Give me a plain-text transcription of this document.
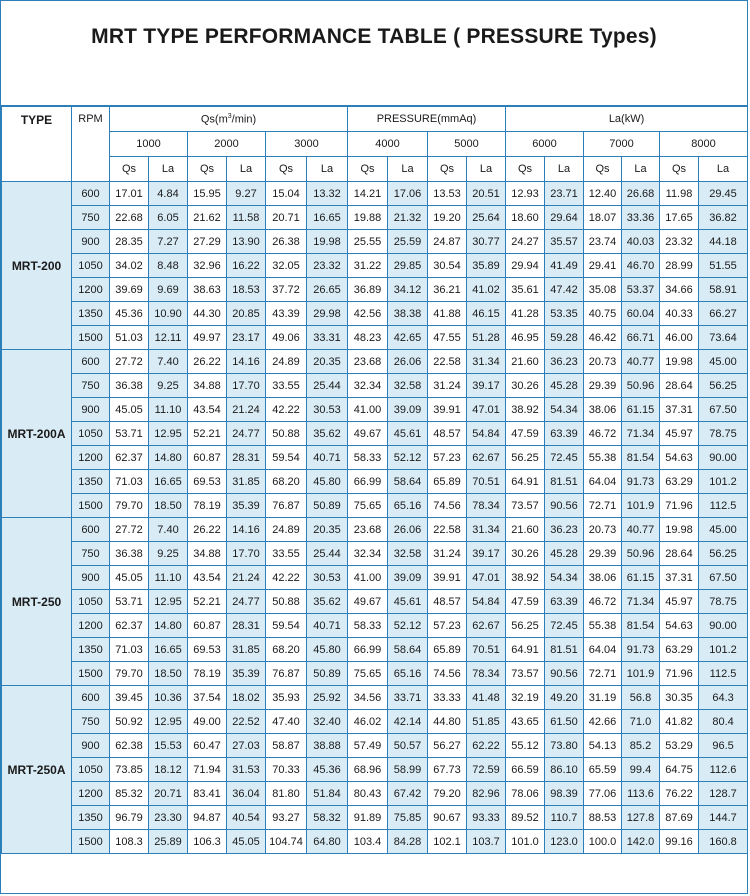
MRT TYPE PERFORMANCE TABLE ( PRESSURE Types)
TYPE	RPM	$Qs(m^3/\min)$						PRESSURE(mmAq)				La(kW)					
		1000		2000		3000		4000		5000		6000		7000		8000	
		Qs	La	Qs	La	Qs	La	Qs	La	Qs	La	Qs	La	Qs	La	Qs	La
MRT-200	600	17.01	4.84	15.95	9.27	15.04	13.32	14.21	17.06	13.53	20.51	12.93	23.71	12.40	26.68	11.98	29.45
	750	22.68	6.05	21.62	11.58	20.71	16.65	19.88	21.32	19.20	25.64	18.60	29.64	18.07	33.36	17.65	36.82
	900	28.35	7.27	27.29	13.90	26.38	19.98	25.55	25.59	24.87	30.77	24.27	35.57	23.74	40.03	23.32	44.18
	1050	34.02	8.48	32.96	16.22	32.05	23.32	31.22	29.85	30.54	35.89	29.94	41.49	29.41	46.70	28.99	51.55
	1200	39.69	9.69	38.63	18.53	37.72	26.65	36.89	34.12	36.21	41.02	35.61	47.42	35.08	53.37	34.66	58.91
	1350	45.36	10.90	44.30	20.85	43.39	29.98	42.56	38.38	41.88	46.15	41.28	53.35	40.75	60.04	40.33	66.27
	1500	51.03	12.11	49.97	23.17	49.06	33.31	48.23	42.65	47.55	51.28	46.95	59.28	46.42	66.71	46.00	73.64
MRT-200A	600	27.72	7.40	26.22	14.16	24.89	20.35	23.68	26.06	22.58	31.34	21.60	36.23	20.73	40.77	19.98	45.00
	750	36.38	9.25	34.88	17.70	33.55	25.44	32.34	32.58	31.24	39.17	30.26	45.28	29.39	50.96	28.64	56.25
	900	45.05	11.10	43.54	21.24	42.22	30.53	41.00	39.09	39.91	47.01	38.92	54.34	38.06	61.15	37.31	67.50
	1050	53.71	12.95	52.21	24.77	50.88	35.62	49.67	45.61	48.57	54.84	47.59	63.39	46.72	71.34	45.97	78.75
	1200	62.37	14.80	60.87	28.31	59.54	40.71	58.33	52.12	57.23	62.67	56.25	72.45	55.38	81.54	54.63	90.00
	1350	71.03	16.65	69.53	31.85	68.20	45.80	66.99	58.64	65.89	70.51	64.91	81.51	64.04	91.73	63.29	101.2
	1500	79.70	18.50	78.19	35.39	76.87	50.89	75.65	65.16	74.56	78.34	73.57	90.56	72.71	101.9	71.96	112.5
MRT-250	600	27.72	7.40	26.22	14.16	24.89	20.35	23.68	26.06	22.58	31.34	21.60	36.23	20.73	40.77	19.98	45.00
	750	36.38	9.25	34.88	17.70	33.55	25.44	32.34	32.58	31.24	39.17	30.26	45.28	29.39	50.96	28.64	56.25
	900	45.05	11.10	43.54	21.24	42.22	30.53	41.00	39.09	39.91	47.01	38.92	54.34	38.06	61.15	37.31	67.50
	1050	53.71	12.95	52.21	24.77	50.88	35.62	49.67	45.61	48.57	54.84	47.59	63.39	46.72	71.34	45.97	78.75
	1200	62.37	14.80	60.87	28.31	59.54	40.71	58.33	52.12	57.23	62.67	56.25	72.45	55.38	81.54	54.63	90.00
	1350	71.03	16.65	69.53	31.85	68.20	45.80	66.99	58.64	65.89	70.51	64.91	81.51	64.04	91.73	63.29	101.2
	1500	79.70	18.50	78.19	35.39	76.87	50.89	75.65	65.16	74.56	78.34	73.57	90.56	72.71	101.9	71.96	112.5
MRT-250A	600	39.45	10.36	37.54	18.02	35.93	25.92	34.56	33.71	33.33	41.48	32.19	49.20	31.19	56.8	30.35	64.3
	750	50.92	12.95	49.00	22.52	47.40	32.40	46.02	42.14	44.80	51.85	43.65	61.50	42.66	71.0	41.82	80.4
	900	62.38	15.53	60.47	27.03	58.87	38.88	57.49	50.57	56.27	62.22	55.12	73.80	54.13	85.2	53.29	96.5
	1050	73.85	18.12	71.94	31.53	70.33	45.36	68.96	58.99	67.73	72.59	66.59	86.10	65.59	99.4	64.75	112.6
	1200	85.32	20.71	83.41	36.04	81.80	51.84	80.43	67.42	79.20	82.96	78.06	98.39	77.06	113.6	76.22	128.7
	1350	96.79	23.30	94.87	40.54	93.27	58.32	91.89	75.85	90.67	93.33	89.52	110.7	88.53	127.8	87.69	144.7
	1500	108.3	25.89	106.3	45.05	104.74	64.80	103.4	84.28	102.1	103.7	101.0	123.0	100.0	142.0	99.16	160.8
